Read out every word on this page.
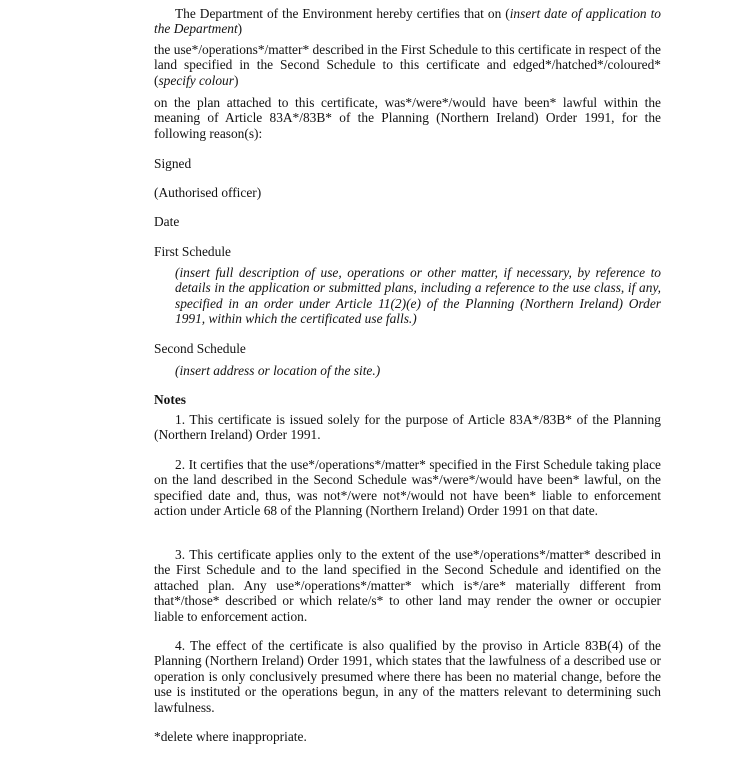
The Department of the Environment hereby certifies that on (insert date of application to the Department)

the use*/operations*/matter* described in the First Schedule to this certificate in respect of the land specified in the Second Schedule to this certificate and edged*/hatched*/coloured* (specify colour)

on the plan attached to this certificate, was*/were*/would have been* lawful within the meaning of Article 83A*/83B* of the Planning (Northern Ireland) Order 1991, for the following reason(s):

Signed

(Authorised officer)

Date

First Schedule

(insert full description of use, operations or other matter, if necessary, by reference to details in the application or submitted plans, including a reference to the use class, if any, specified in an order under Article 11(2)(e) of the Planning (Northern Ireland) Order 1991, within which the certificated use falls.)

Second Schedule

(insert address or location of the site.)

Notes

1. This certificate is issued solely for the purpose of Article 83A*/83B* of the Planning (Northern Ireland) Order 1991.

2. It certifies that the use*/operations*/matter* specified in the First Schedule taking place on the land described in the Second Schedule was*/were*/would have been* lawful, on the specified date and, thus, was not*/were not*/would not have been* liable to enforcement action under Article 68 of the Planning (Northern Ireland) Order 1991 on that date.

3. This certificate applies only to the extent of the use*/operations*/matter* described in the First Schedule and to the land specified in the Second Schedule and identified on the attached plan. Any use*/operations*/matter* which is*/are* materially different from that*/those* described or which relate/s* to other land may render the owner or occupier liable to enforcement action.

4. The effect of the certificate is also qualified by the proviso in Article 83B(4) of the Planning (Northern Ireland) Order 1991, which states that the lawfulness of a described use or operation is only conclusively presumed where there has been no material change, before the use is instituted or the operations begun, in any of the matters relevant to determining such lawfulness.

*delete where inappropriate.
